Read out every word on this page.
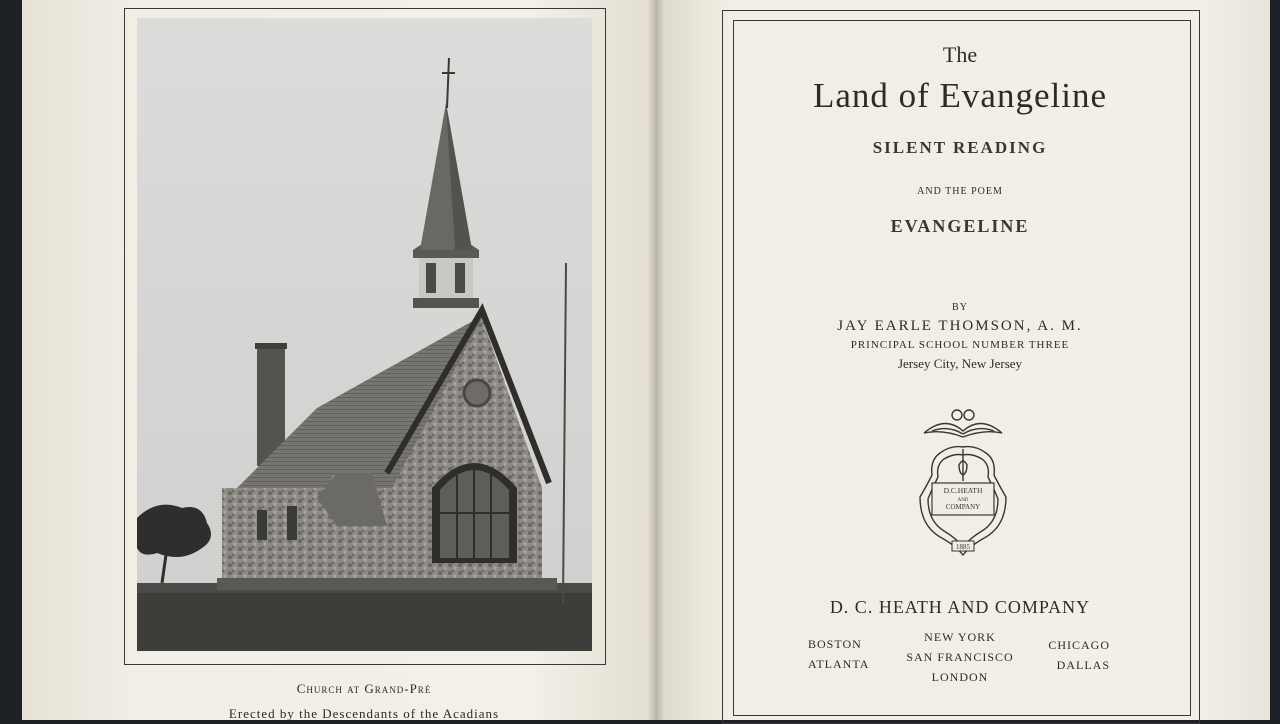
Church at Grand-Pré
Erected by the Descendants of the Acadians
The
Land of Evangeline
SILENT READING
AND THE POEM
EVANGELINE
BY
JAY EARLE THOMSON, A. M.
PRINCIPAL SCHOOL NUMBER THREE
Jersey City, New Jersey
D.C.HEATH
AND
COMPANY
1885
D. C. HEATH AND COMPANY
BOSTON
ATLANTA
NEW YORK
SAN FRANCISCO
LONDON
CHICAGO
DALLAS
